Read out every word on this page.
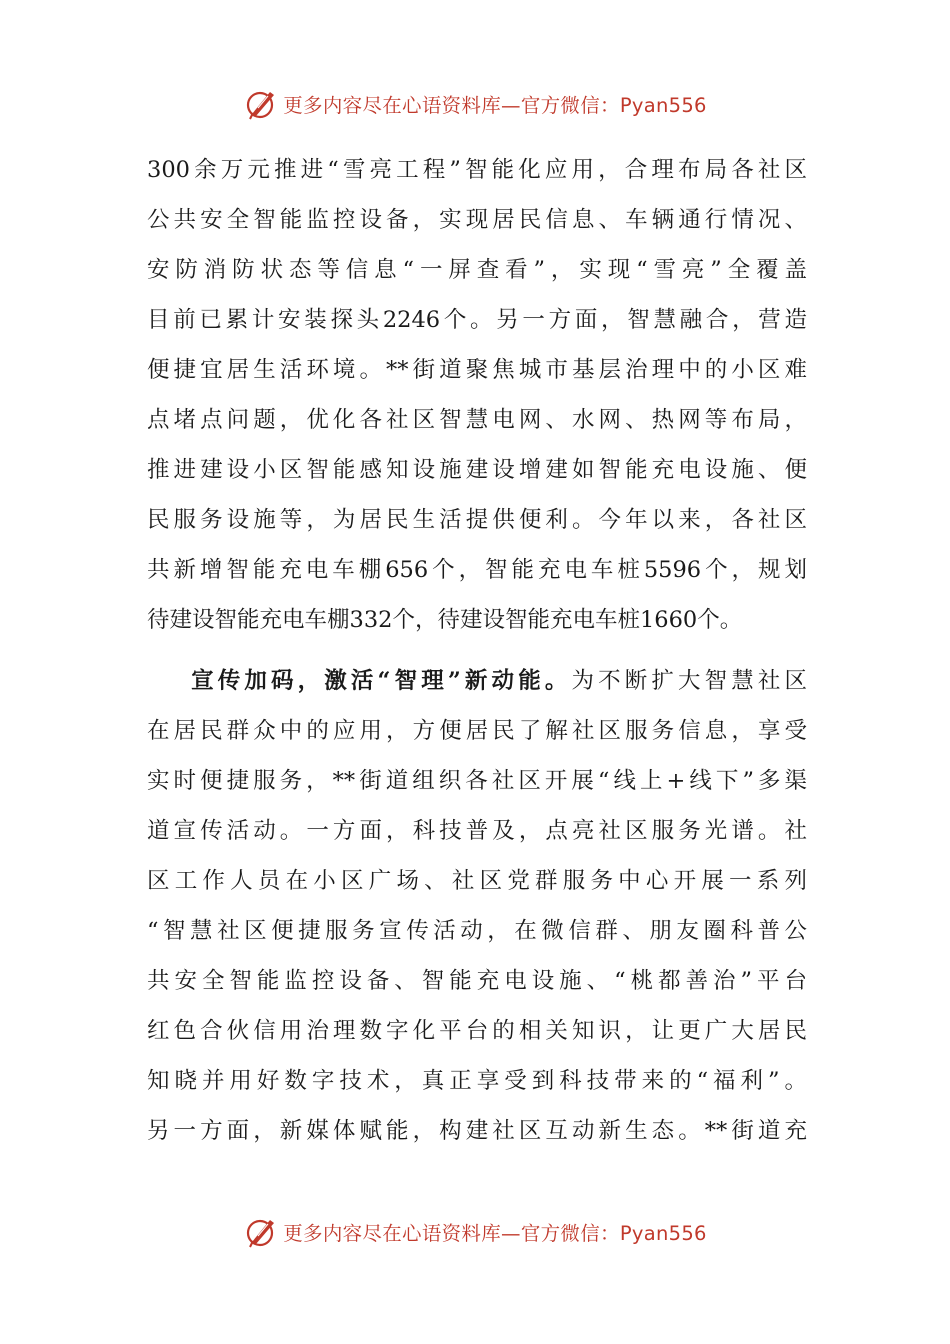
更多内容尽在心语资料库—官方微信：Pyan556
300余万元推进“雪亮工程”智能化应用，合理布局各社区
公共安全智能监控设备，实现居民信息、车辆通行情况、
安防消防状态等信息“一屏查看”，实现“雪亮”全覆盖
目前已累计安装探头2246个。另一方面，智慧融合，营造
便捷宜居生活环境。**街道聚焦城市基层治理中的小区难
点堵点问题，优化各社区智慧电网、水网、热网等布局，
推进建设小区智能感知设施建设增建如智能充电设施、便
民服务设施等，为居民生活提供便利。今年以来，各社区
共新增智能充电车棚656个，智能充电车桩5596个，规划
待建设智能充电车棚332个，待建设智能充电车桩1660个。
宣传加码，激活“智理”新动能。为不断扩大智慧社区
在居民群众中的应用，方便居民了解社区服务信息，享受
实时便捷服务，**街道组织各社区开展“线上+线下”多渠
道宣传活动。一方面，科技普及，点亮社区服务光谱。社
区工作人员在小区广场、社区党群服务中心开展一系列
“智慧社区便捷服务宣传活动，在微信群、朋友圈科普公
共安全智能监控设备、智能充电设施、“桃都善治”平台
红色合伙信用治理数字化平台的相关知识，让更广大居民
知晓并用好数字技术，真正享受到科技带来的“福利”。
另一方面，新媒体赋能，构建社区互动新生态。**街道充
更多内容尽在心语资料库—官方微信：Pyan556
